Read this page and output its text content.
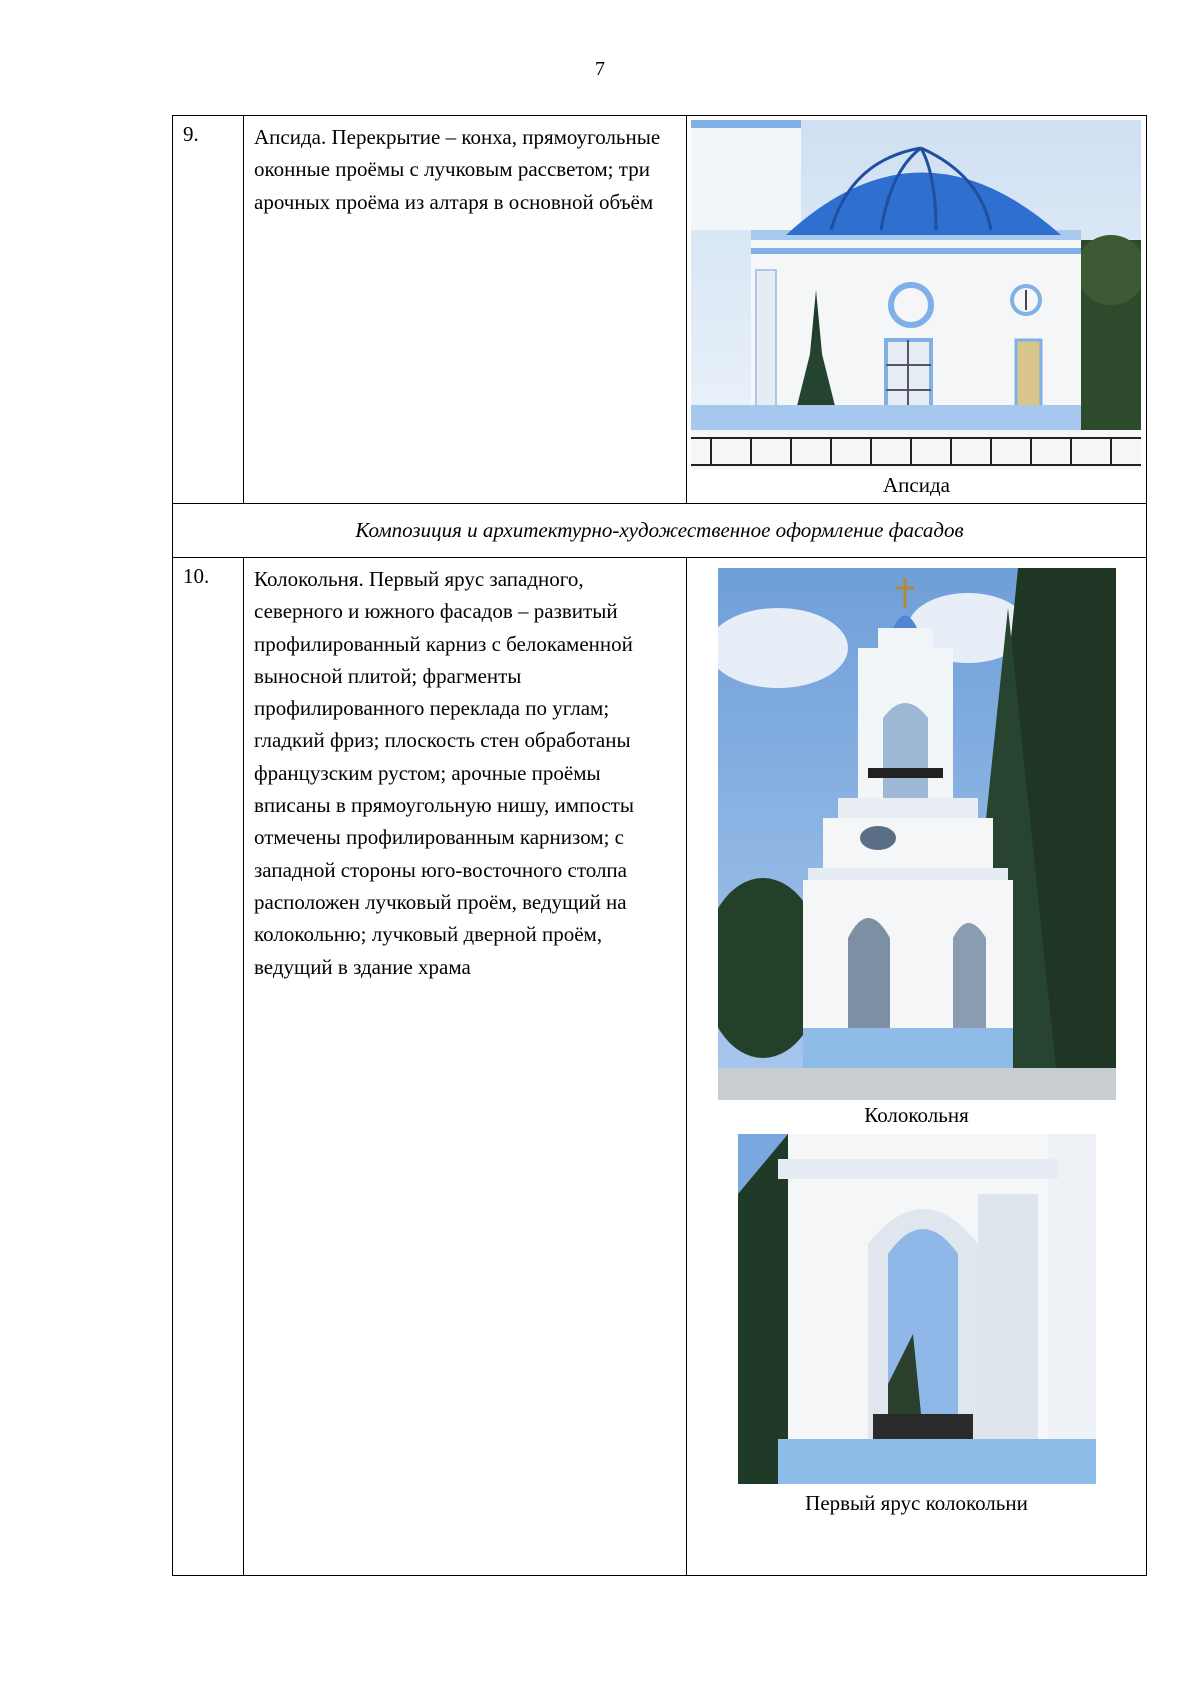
7
9.	Апсида. Перекрытие – конха, прямоугольные оконные проёмы с лучковым рассветом; три арочных проёма из алтаря в основной объём	Апсида

Композиция и архитектурно-художественное оформление фасадов		
10.	Колокольня. Первый ярус западного, северного и южного фасадов – развитый профилированный карниз с белокаменной выносной плитой; фрагменты профилированного переклада по углам; гладкий фриз; плоскость стен обработаны французским рустом; арочные проёмы вписаны в прямоугольную нишу, импосты отмечены профилированным карнизом; с западной стороны юго-восточного столпа расположен лучковый проём, ведущий на колокольню; лучковый дверной проём, ведущий в здание храма	Колокольня
Первый ярус колокольни
